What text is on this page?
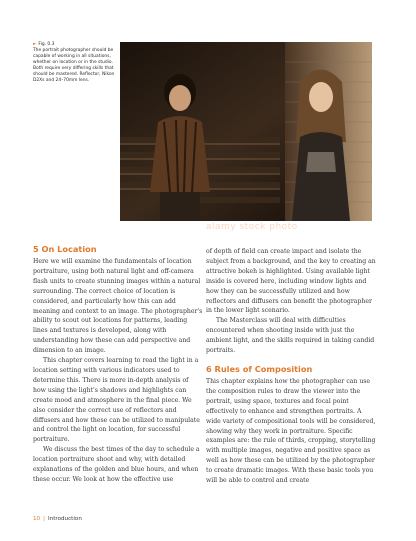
► Fig. 0.3
The portrait photographer should be capable of working in all situations, whether on location or in the studio. Both require very differing skills that should be mastered. Reflector, Nikon D2Xs and 24–70mm lens.
alamy stock photo
5 On Location

Here we will examine the fundamentals of location portraiture, using both natural light and off-camera flash units to create stunning images within a natural surrounding. The correct choice of location is considered, and particularly how this can add meaning and context to an image. The photographer's ability to scout out locations for patterns, leading lines and textures is developed, along with understanding how these can add perspective and dimension to an image.

This chapter covers learning to read the light in a location setting with various indicators used to determine this. There is more in-depth analysis of how using the light's shadows and highlights can create mood and atmosphere in the final piece. We also consider the correct use of reflectors and diffusers and how these can be utilized to manipulate and control the light on location, for successful portraiture.

We discuss the best times of the day to schedule a location portraiture shoot and why, with detailed explanations of the golden and blue hours, and when these occur. We look at how the effective use

of depth of field can create impact and isolate the subject from a background, and the key to creating an attractive bokeh is highlighted. Using available light inside is covered here, including window lights and how they can be successfully utilized and how reflectors and diffusers can benefit the photographer in the lower light scenario.

The Masterclass will deal with difficulties encountered when shooting inside with just the ambient light, and the skills required in taking candid portraits.

6 Rules of Composition

This chapter explains how the photographer can use the composition rules to draw the viewer into the portrait, using space, textures and focal point effectively to enhance and strengthen portraits. A wide variety of compositional tools will be considered, showing why they work in portraiture. Specific examples are: the rule of thirds, cropping, storytelling with multiple images, negative and positive space as well as how these can be utilized by the photographer to create dramatic images. With these basic tools you will be able to control and create

10 | Introduction
